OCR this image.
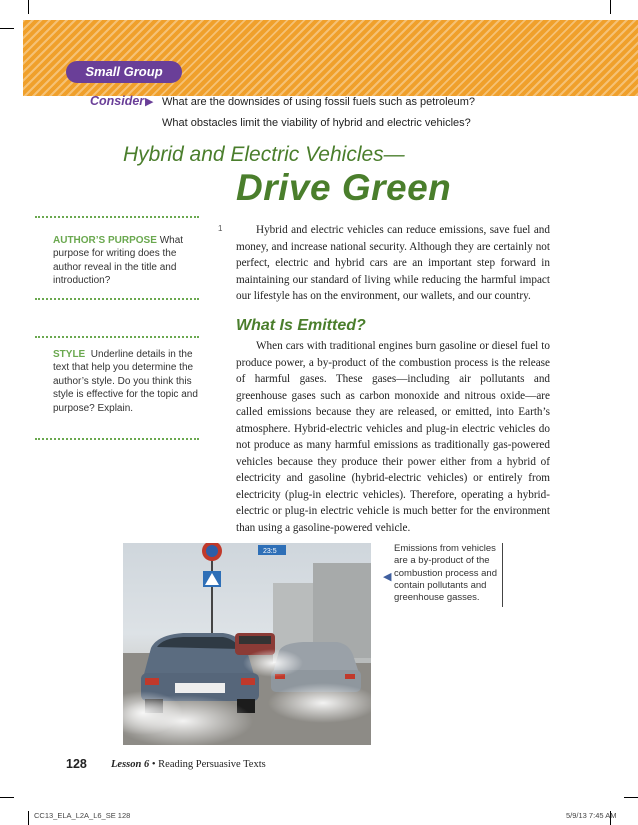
Small Group
Consider ▶ What are the downsides of using fossil fuels such as petroleum?
What obstacles limit the viability of hybrid and electric vehicles?
Hybrid and Electric Vehicles—
Drive Green
AUTHOR’S PURPOSE What
purpose for writing does the
author reveal in the title and
introduction?
STYLE Underline details in the
text that help you determine the
author’s style. Do you think this
style is effective for the topic and
purpose? Explain.
1	Hybrid and electric vehicles can reduce emissions, save fuel and money, and increase national security. Although they are certainly not perfect, electric and hybrid cars are an important step forward in maintaining our standard of living while reducing the harmful impact our lifestyle has on the environment, our wallets, and our country.

What Is Emitted?

When cars with traditional engines burn gasoline or diesel fuel to produce power, a by-product of the combustion process is the release of harmful gases. These gases—including air pollutants and greenhouse gases such as carbon monoxide and nitrous oxide—are called emissions because they are released, or emitted, into Earth’s atmosphere. Hybrid-electric vehicles and plug-in electric vehicles do not produce as many harmful emissions as traditionally gas-powered vehicles because they produce their power either from a hybrid of electricity and gasoline (hybrid-electric vehicles) or entirely from electricity (plug-in electric vehicles). Therefore, operating a hybrid-electric or plug-in electric vehicle is much better for the environment than using a gasoline-powered vehicle.

23:5
◀
Emissions from vehicles
are a by-product of the
combustion process and
contain pollutants and
greenhouse gasses.
128 Lesson 6 • Reading Persuasive Texts
CC13_ELA_L2A_L6_SE 128	5/9/13 7:45 AM
